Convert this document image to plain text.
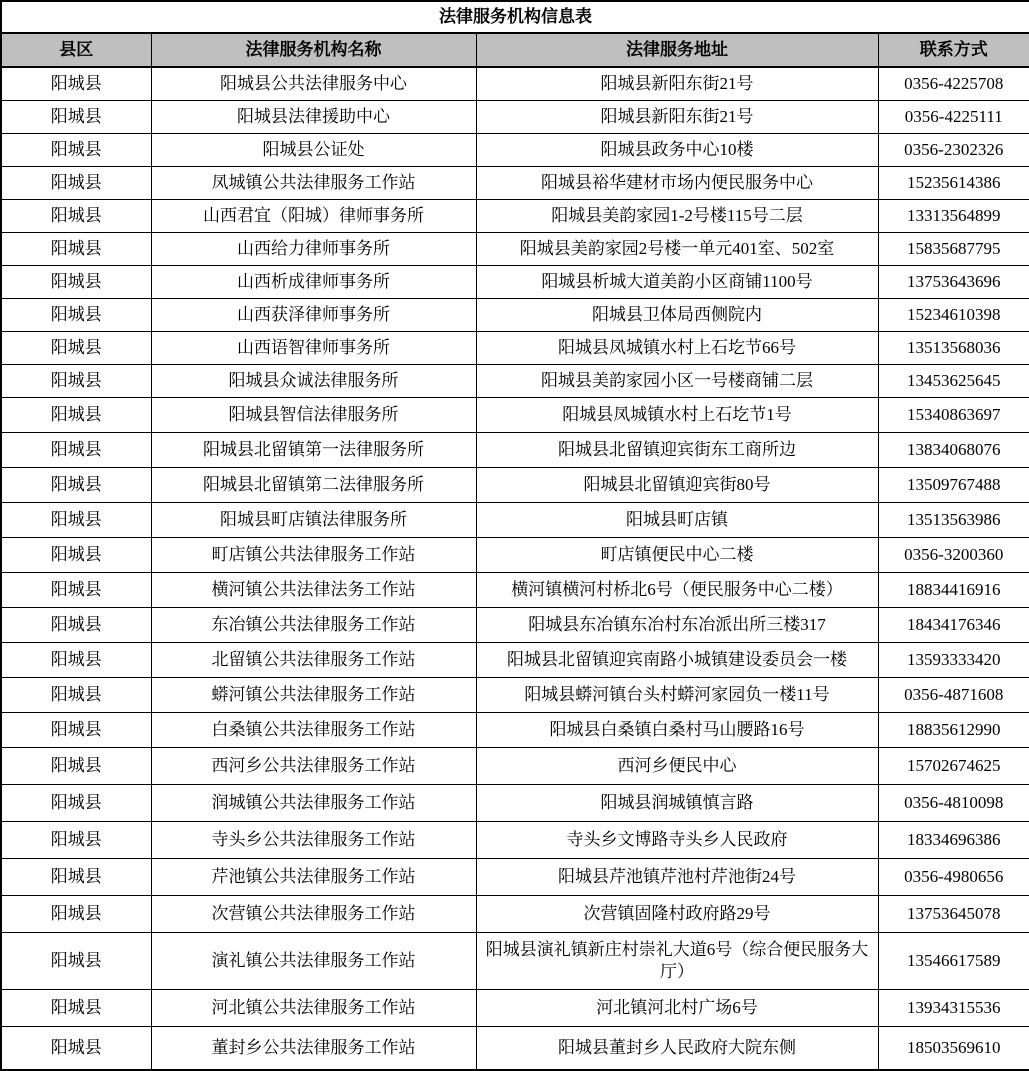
法律服务机构信息表			
县区	法律服务机构名称	法律服务地址	联系方式
阳城县	阳城县公共法律服务中心	阳城县新阳东街21号	0356-4225708
阳城县	阳城县法律援助中心	阳城县新阳东街21号	0356-4225111
阳城县	阳城县公证处	阳城县政务中心10楼	0356-2302326
阳城县	凤城镇公共法律服务工作站	阳城县裕华建材市场内便民服务中心	15235614386
阳城县	山西君宜（阳城）律师事务所	阳城县美韵家园1-2号楼115号二层	13313564899
阳城县	山西给力律师事务所	阳城县美韵家园2号楼一单元401室、502室	15835687795
阳城县	山西析成律师事务所	阳城县析城大道美韵小区商铺1100号	13753643696
阳城县	山西获泽律师事务所	阳城县卫体局西侧院内	15234610398
阳城县	山西语智律师事务所	阳城县凤城镇水村上石圪节66号	13513568036
阳城县	阳城县众诚法律服务所	阳城县美韵家园小区一号楼商铺二层	13453625645
阳城县	阳城县智信法律服务所	阳城县凤城镇水村上石圪节1号	15340863697
阳城县	阳城县北留镇第一法律服务所	阳城县北留镇迎宾街东工商所边	13834068076
阳城县	阳城县北留镇第二法律服务所	阳城县北留镇迎宾街80号	13509767488
阳城县	阳城县町店镇法律服务所	阳城县町店镇	13513563986
阳城县	町店镇公共法律服务工作站	町店镇便民中心二楼	0356-3200360
阳城县	横河镇公共法律法务工作站	横河镇横河村桥北6号（便民服务中心二楼）	18834416916
阳城县	东冶镇公共法律服务工作站	阳城县东冶镇东冶村东冶派出所三楼317	18434176346
阳城县	北留镇公共法律服务工作站	阳城县北留镇迎宾南路小城镇建设委员会一楼	13593333420
阳城县	蟒河镇公共法律服务工作站	阳城县蟒河镇台头村蟒河家园负一楼11号	0356-4871608
阳城县	白桑镇公共法律服务工作站	阳城县白桑镇白桑村马山腰路16号	18835612990
阳城县	西河乡公共法律服务工作站	西河乡便民中心	15702674625
阳城县	润城镇公共法律服务工作站	阳城县润城镇慎言路	0356-4810098
阳城县	寺头乡公共法律服务工作站	寺头乡文博路寺头乡人民政府	18334696386
阳城县	芹池镇公共法律服务工作站	阳城县芹池镇芹池村芹池街24号	0356-4980656
阳城县	次营镇公共法律服务工作站	次营镇固隆村政府路29号	13753645078
阳城县	演礼镇公共法律服务工作站	阳城县演礼镇新庄村崇礼大道6号（综合便民服务大厅）	13546617589
阳城县	河北镇公共法律服务工作站	河北镇河北村广场6号	13934315536
阳城县	董封乡公共法律服务工作站	阳城县董封乡人民政府大院东侧	18503569610
